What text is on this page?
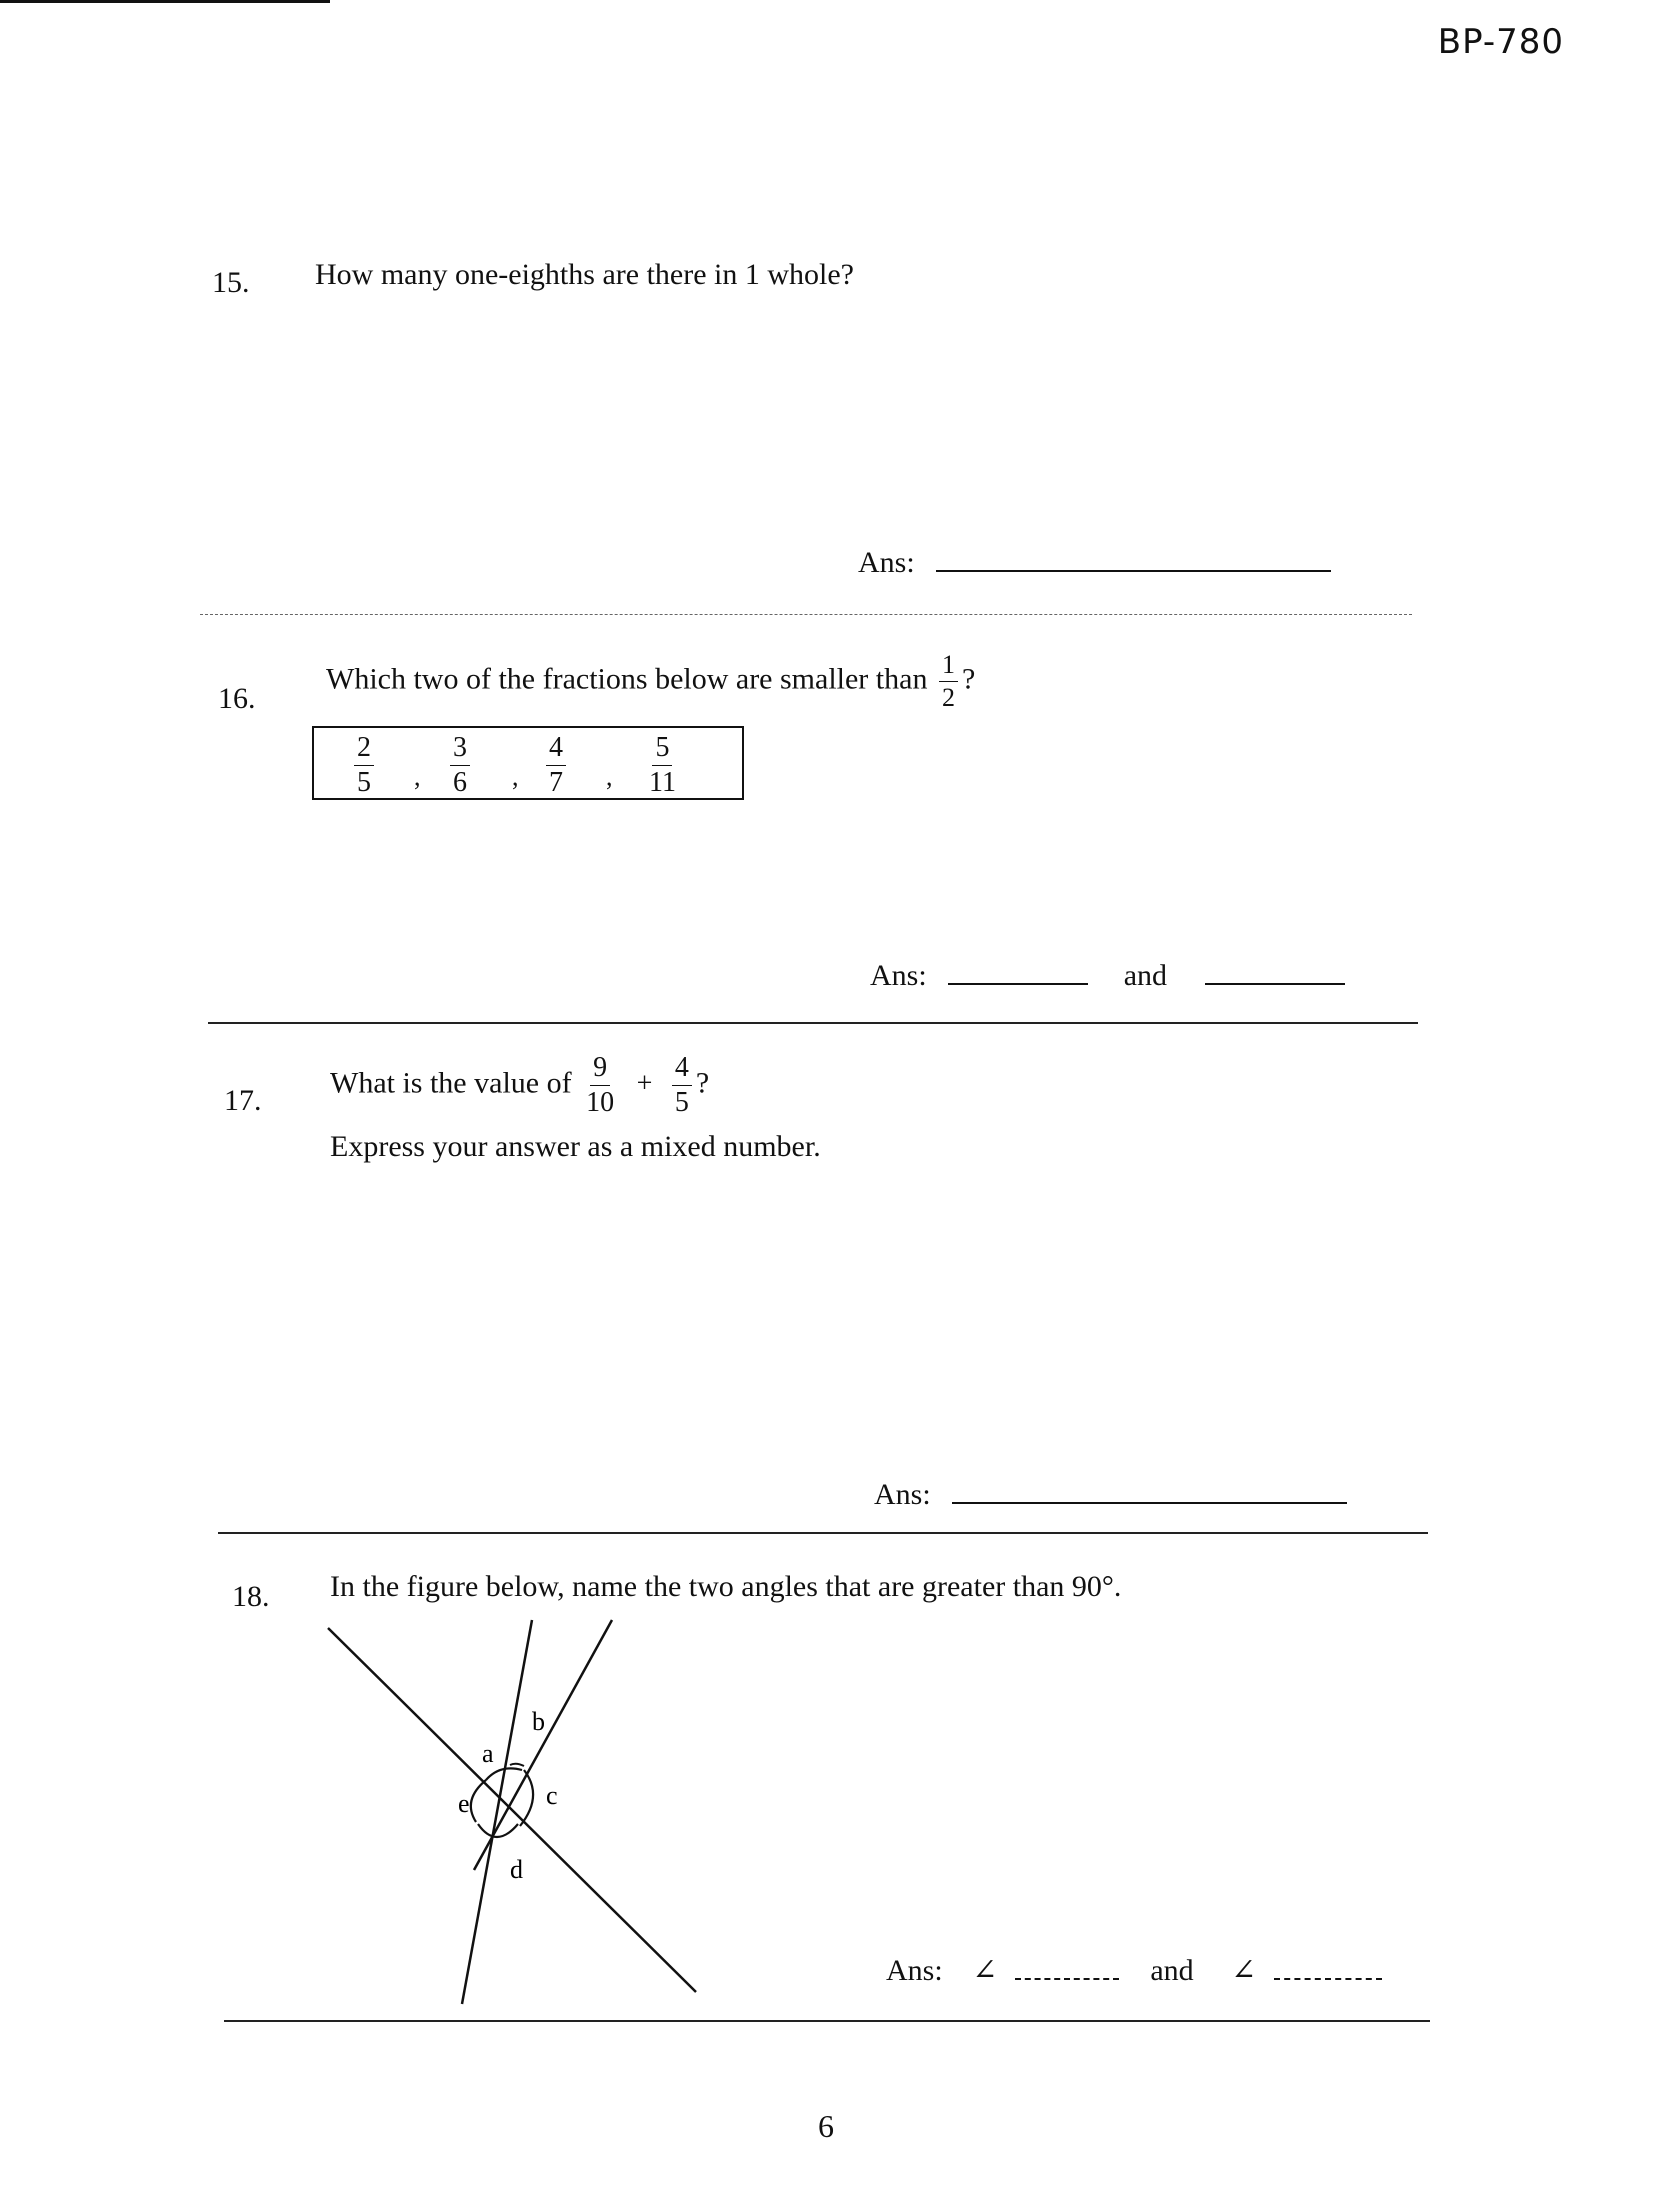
BP-780
15. How many one-eighths are there in 1 whole?
Ans:
16.
Which two of the fractions below are smaller than $\frac{1}{2}$ ?
$\frac{2}{5}$ , $\frac{3}{6}$ , $\frac{4}{7}$ , $\frac{5}{11}$
Ans:	and
17.
What is the value of $\frac{9}{10} + \frac{4}{5}$ ?
Express your answer as a mixed number.
Ans:
18. In the figure below, name the two angles that are greater than 90°.
a
b
c
d
e
Ans: ∠	and ∠
6
